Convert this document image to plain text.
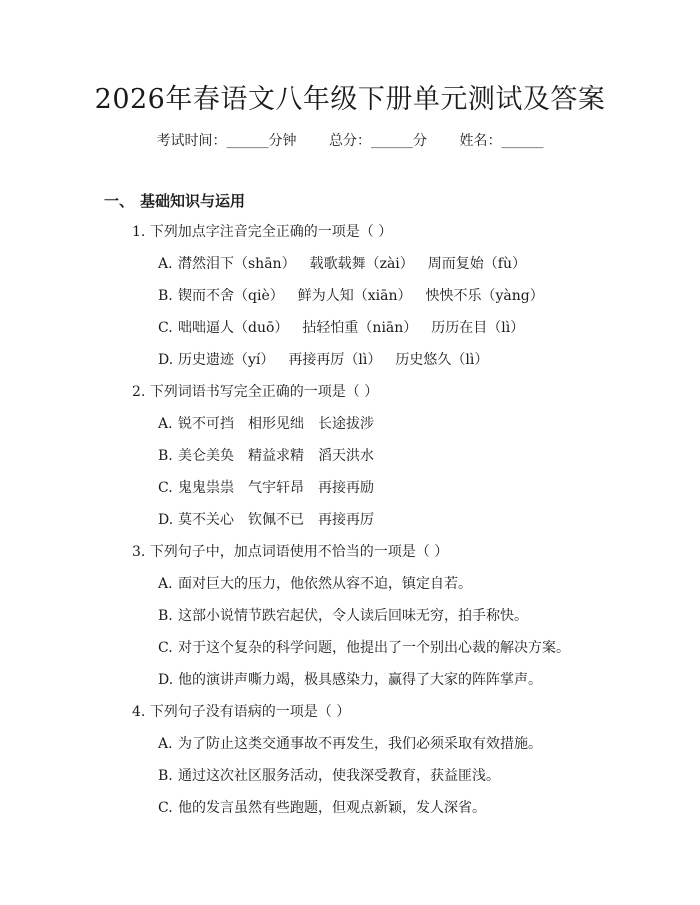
2026年春语文八年级下册单元测试及答案
考试时间：______分钟 总分：______分 姓名：______
一、 基础知识与运用
1. 下列加点字注音完全正确的一项是（ ）
A. 潸然泪下（shān） 载歌载舞（zài） 周而复始（fù）
B. 锲而不舍（qiè） 鲜为人知（xiān） 怏怏不乐（yàng）
C. 咄咄逼人（duō） 拈轻怕重（niān） 历历在目（lì）
D. 历史遗迹（yí） 再接再厉（lì） 历史悠久（lì）
2. 下列词语书写完全正确的一项是（ ）
A. 锐不可挡 相形见绌 长途拔涉
B. 美仑美奂 精益求精 滔天洪水
C. 鬼鬼祟祟 气宇轩昂 再接再励
D. 莫不关心 钦佩不已 再接再厉
3. 下列句子中，加点词语使用不恰当的一项是（ ）
A. 面对巨大的压力，他依然从容不迫，镇定自若。
B. 这部小说情节跌宕起伏，令人读后回味无穷，拍手称快。
C. 对于这个复杂的科学问题，他提出了一个别出心裁的解决方案。
D. 他的演讲声嘶力竭，极具感染力，赢得了大家的阵阵掌声。
4. 下列句子没有语病的一项是（ ）
A. 为了防止这类交通事故不再发生，我们必须采取有效措施。
B. 通过这次社区服务活动，使我深受教育，获益匪浅。
C. 他的发言虽然有些跑题，但观点新颖，发人深省。
